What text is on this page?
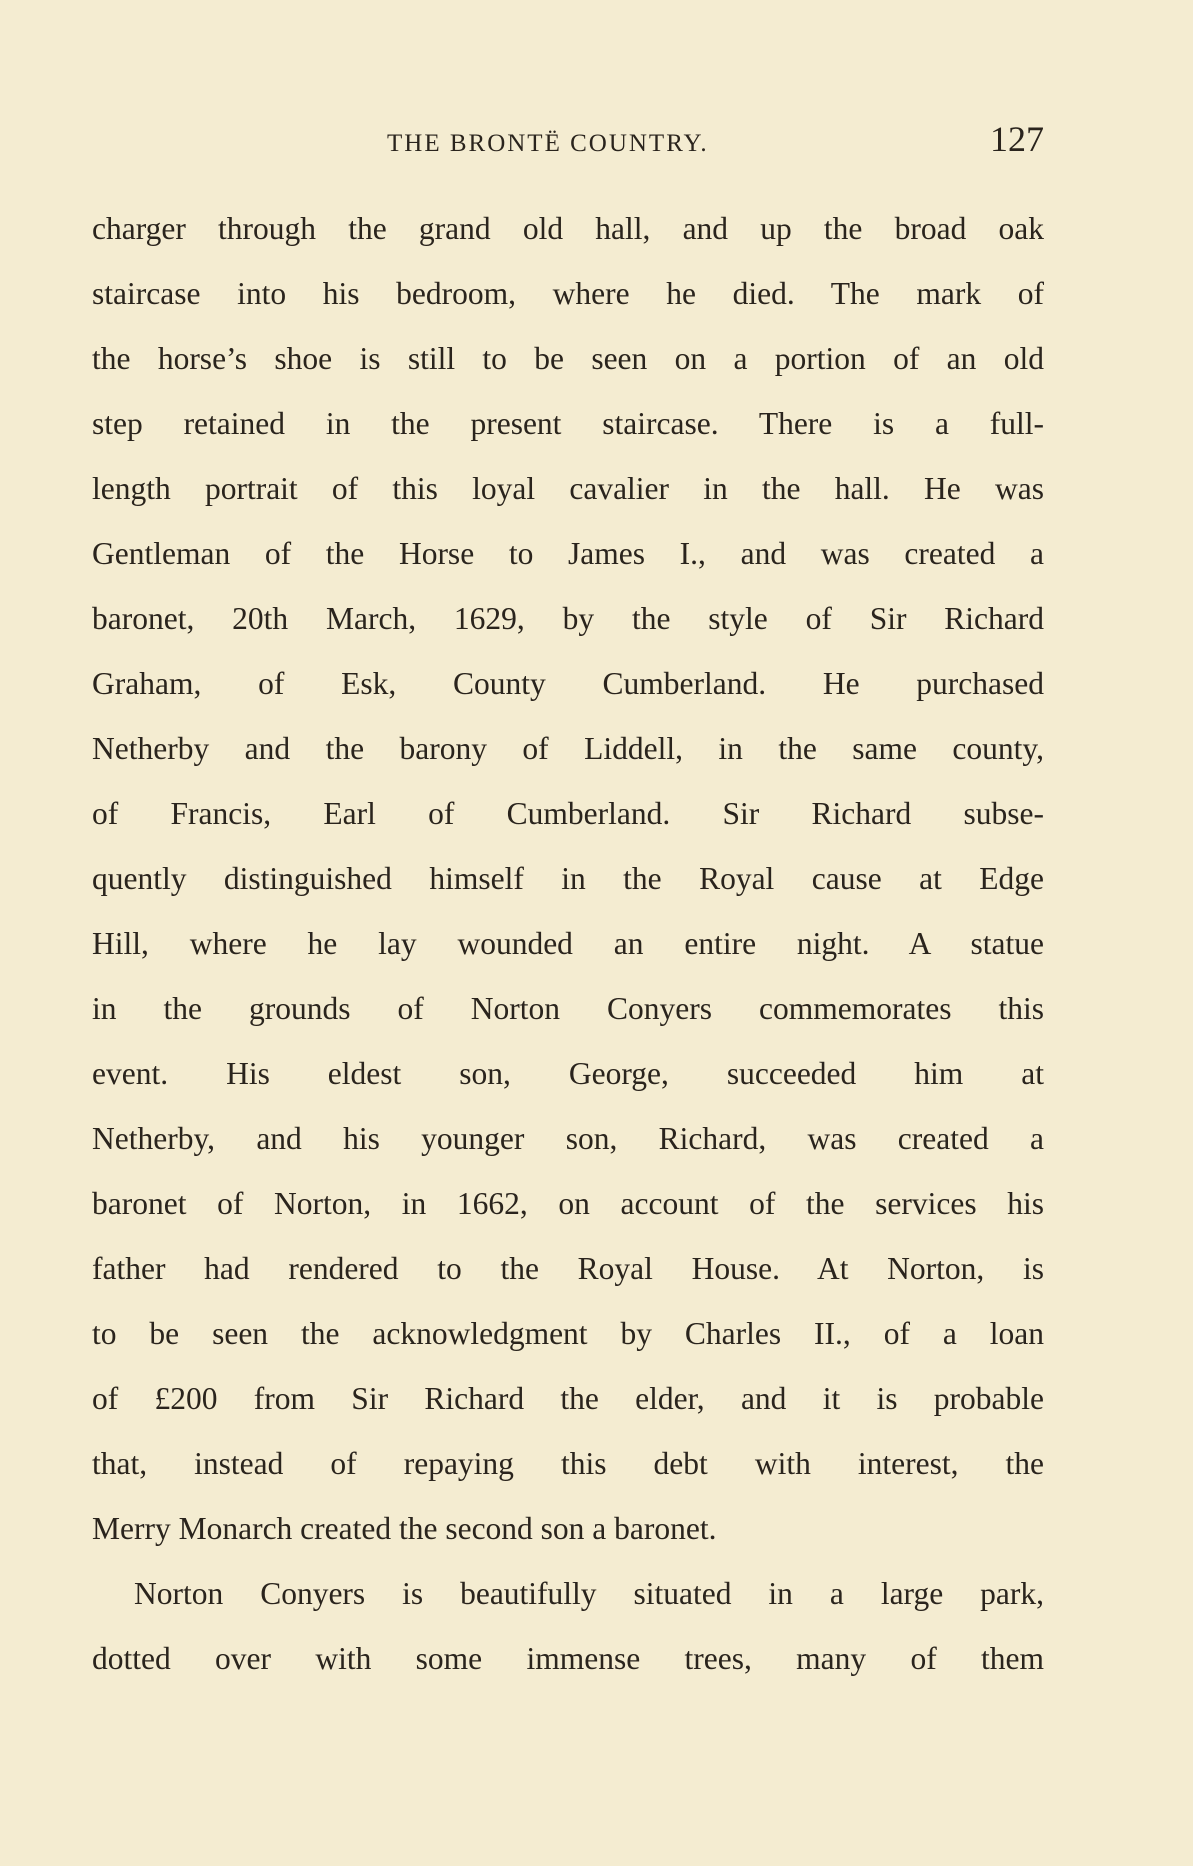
THE BRONTË COUNTRY.	127
charger through the grand old hall, and up the broad oak
staircase into his bedroom, where he died. The mark of
the horse’s shoe is still to be seen on a portion of an old
step retained in the present staircase. There is a full-
length portrait of this loyal cavalier in the hall. He was
Gentleman of the Horse to James I., and was created a
baronet, 20th March, 1629, by the style of Sir Richard
Graham, of Esk, County Cumberland. He purchased
Netherby and the barony of Liddell, in the same county,
of Francis, Earl of Cumberland. Sir Richard subse-
quently distinguished himself in the Royal cause at Edge
Hill, where he lay wounded an entire night. A statue
in the grounds of Norton Conyers commemorates this
event. His eldest son, George, succeeded him at
Netherby, and his younger son, Richard, was created a
baronet of Norton, in 1662, on account of the services his
father had rendered to the Royal House. At Norton, is
to be seen the acknowledgment by Charles II., of a loan
of £200 from Sir Richard the elder, and it is probable
that, instead of repaying this debt with interest, the
Merry Monarch created the second son a baronet.
Norton Conyers is beautifully situated in a large park,
dotted over with some immense trees, many of them
